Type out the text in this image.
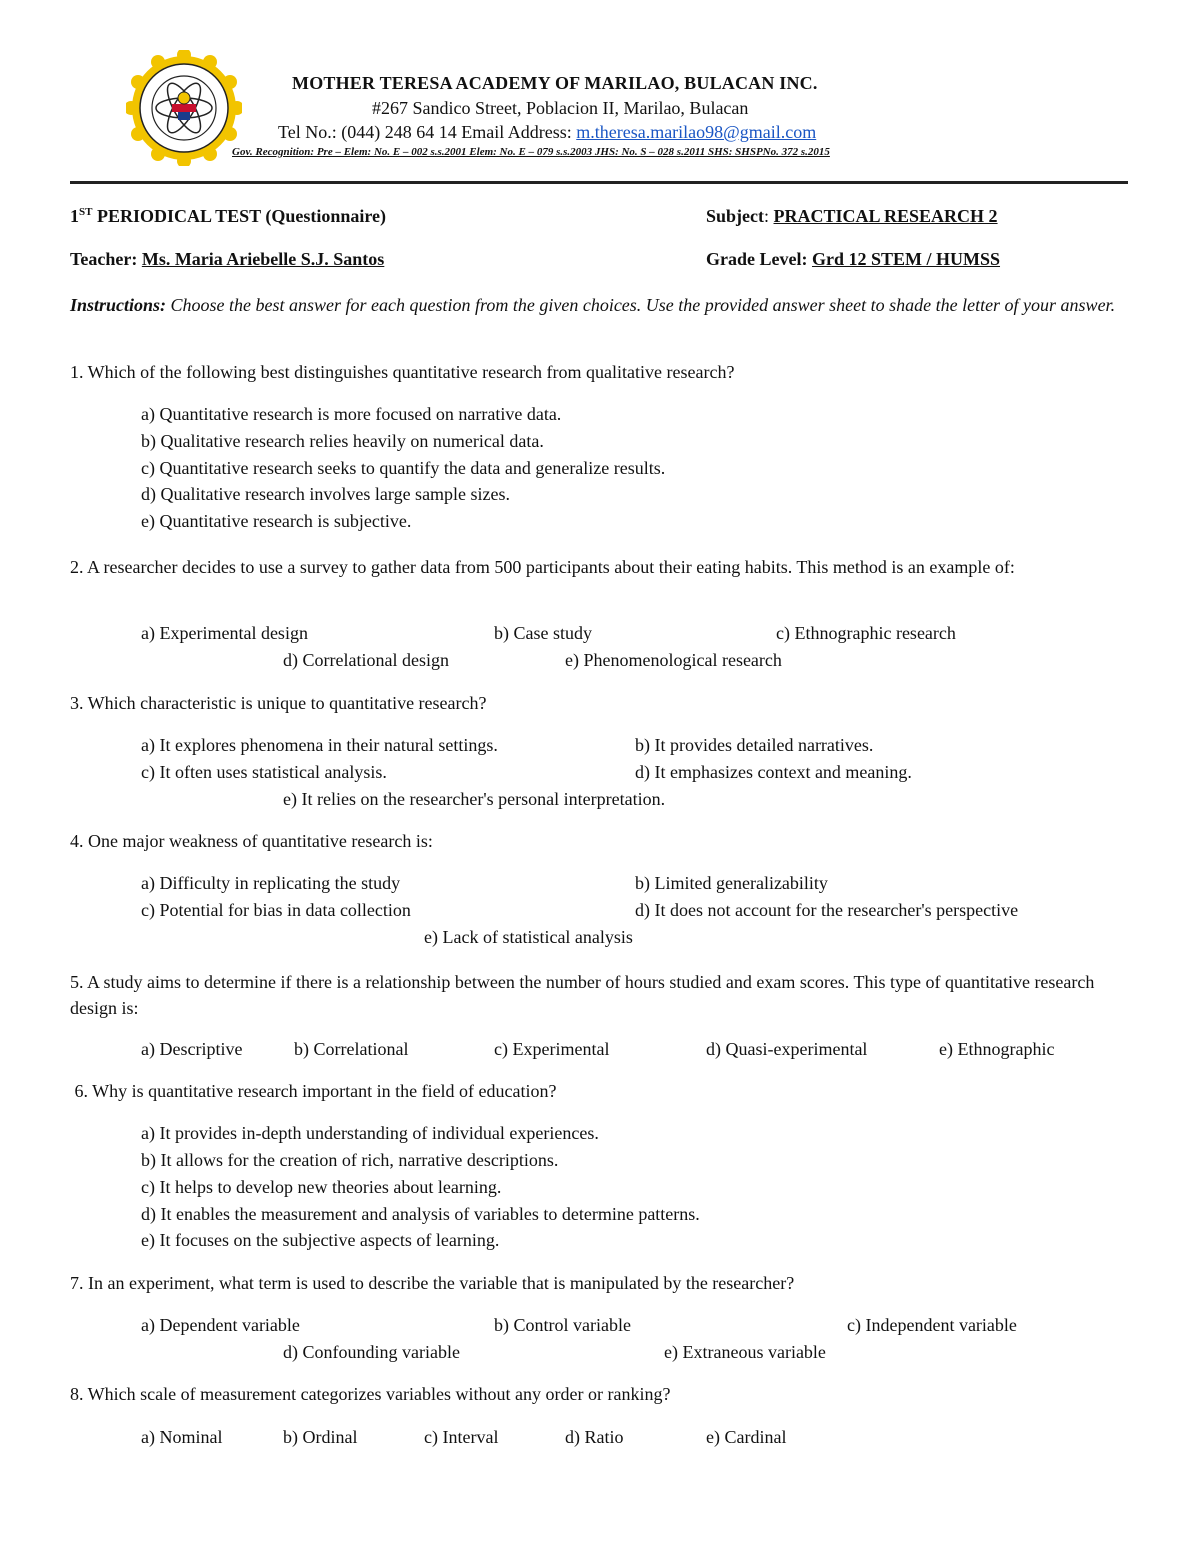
MOTHER TERESA ACADEMY OF MARILAO, BULACAN INC.
#267 Sandico Street, Poblacion II, Marilao, Bulacan
Tel No.: (044) 248 64 14 Email Address: m.theresa.marilao98@gmail.com
Gov. Recognition: Pre – Elem: No. E – 002 s.s.2001 Elem: No. E – 079 s.s.2003 JHS: No. S – 028 s.2011 SHS: SHSPNo. 372 s.2015
1ST PERIODICAL TEST (Questionnaire)	Subject: PRACTICAL RESEARCH 2
Teacher: Ms. Maria Ariebelle S.J. Santos	Grade Level: Grd 12 STEM / HUMSS
Instructions: Choose the best answer for each question from the given choices. Use the provided answer sheet to shade the letter of your answer.
1. Which of the following best distinguishes quantitative research from qualitative research?
a) Quantitative research is more focused on narrative data.
b) Qualitative research relies heavily on numerical data.
c) Quantitative research seeks to quantify the data and generalize results.
d) Qualitative research involves large sample sizes.
e) Quantitative research is subjective.
2. A researcher decides to use a survey to gather data from 500 participants about their eating habits. This method is an example of:
a) Experimental design	b) Case study	c) Ethnographic research
d) Correlational design	e) Phenomenological research
3. Which characteristic is unique to quantitative research?
a) It explores phenomena in their natural settings.	b) It provides detailed narratives.
c) It often uses statistical analysis.	d) It emphasizes context and meaning.
e) It relies on the researcher's personal interpretation.
4. One major weakness of quantitative research is:
a) Difficulty in replicating the study	b) Limited generalizability
c) Potential for bias in data collection	d) It does not account for the researcher's perspective
e) Lack of statistical analysis
5. A study aims to determine if there is a relationship between the number of hours studied and exam scores. This type of quantitative research design is:
a) Descriptive	b) Correlational	c) Experimental	d) Quasi-experimental	e) Ethnographic
6. Why is quantitative research important in the field of education?
a) It provides in-depth understanding of individual experiences.
b) It allows for the creation of rich, narrative descriptions.
c) It helps to develop new theories about learning.
d) It enables the measurement and analysis of variables to determine patterns.
e) It focuses on the subjective aspects of learning.
7. In an experiment, what term is used to describe the variable that is manipulated by the researcher?
a) Dependent variable	b) Control variable	c) Independent variable
d) Confounding variable	e) Extraneous variable
8. Which scale of measurement categorizes variables without any order or ranking?
a) Nominal	b) Ordinal	c) Interval	d) Ratio	e) Cardinal
